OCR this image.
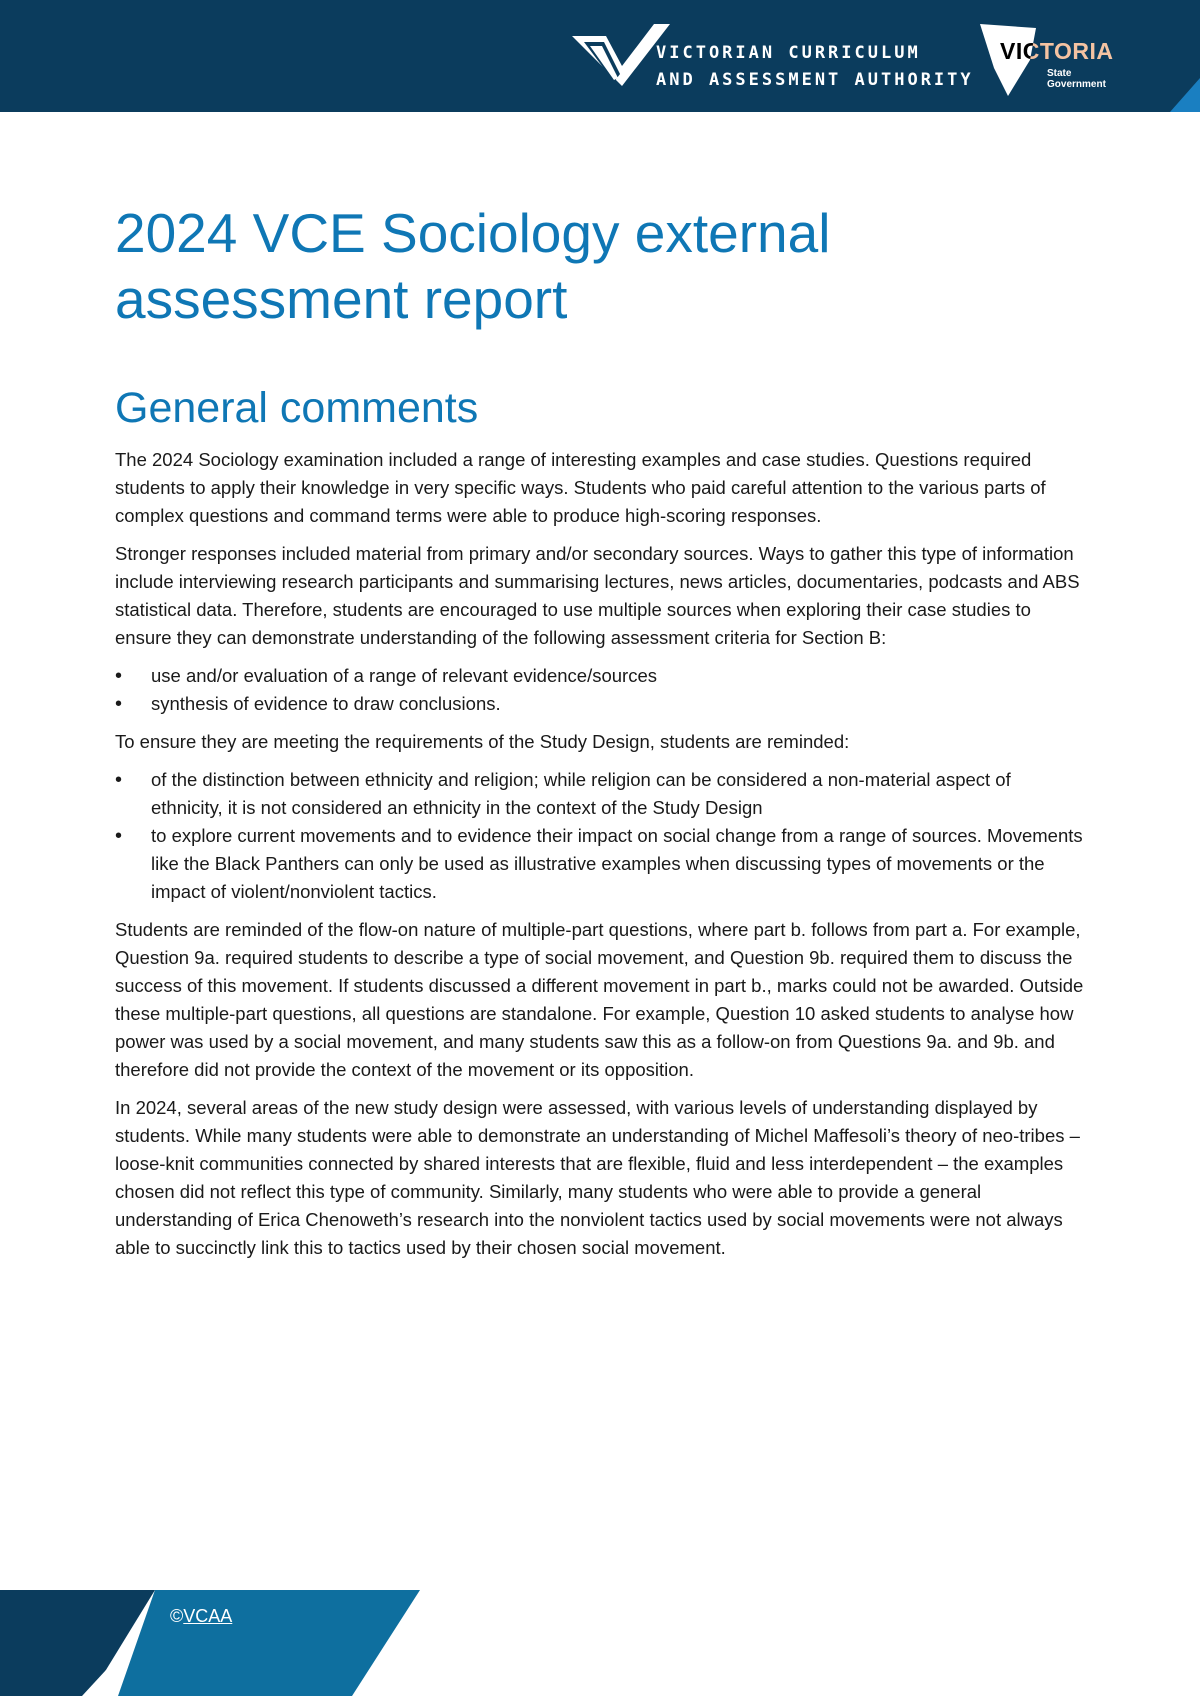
VICTORIAN CURRICULUM
AND ASSESSMENT AUTHORITY
VICTORIA
State
Government
2024 VCE Sociology external assessment report
General comments

The 2024 Sociology examination included a range of interesting examples and case studies. Questions required students to apply their knowledge in very specific ways. Students who paid careful attention to the various parts of complex questions and command terms were able to produce high-scoring responses.

Stronger responses included material from primary and/or secondary sources. Ways to gather this type of information include interviewing research participants and summarising lectures, news articles, documentaries, podcasts and ABS statistical data. Therefore, students are encouraged to use multiple sources when exploring their case studies to ensure they can demonstrate understanding of the following assessment criteria for Section B:

• use and/or evaluation of a range of relevant evidence/sources
• synthesis of evidence to draw conclusions.

To ensure they are meeting the requirements of the Study Design, students are reminded:

• of the distinction between ethnicity and religion; while religion can be considered a non-material aspect of ethnicity, it is not considered an ethnicity in the context of the Study Design
• to explore current movements and to evidence their impact on social change from a range of sources. Movements like the Black Panthers can only be used as illustrative examples when discussing types of movements or the impact of violent/nonviolent tactics.

Students are reminded of the flow-on nature of multiple-part questions, where part b. follows from part a. For example, Question 9a. required students to describe a type of social movement, and Question 9b. required them to discuss the success of this movement. If students discussed a different movement in part b., marks could not be awarded. Outside these multiple-part questions, all questions are standalone. For example, Question 10 asked students to analyse how power was used by a social movement, and many students saw this as a follow-on from Questions 9a. and 9b. and therefore did not provide the context of the movement or its opposition.

In 2024, several areas of the new study design were assessed, with various levels of understanding displayed by students. While many students were able to demonstrate an understanding of Michel Maffesoli’s theory of neo-tribes – loose-knit communities connected by shared interests that are flexible, fluid and less interdependent – the examples chosen did not reflect this type of community. Similarly, many students who were able to provide a general understanding of Erica Chenoweth’s research into the nonviolent tactics used by social movements were not always able to succinctly link this to tactics used by their chosen social movement.

©VCAA
